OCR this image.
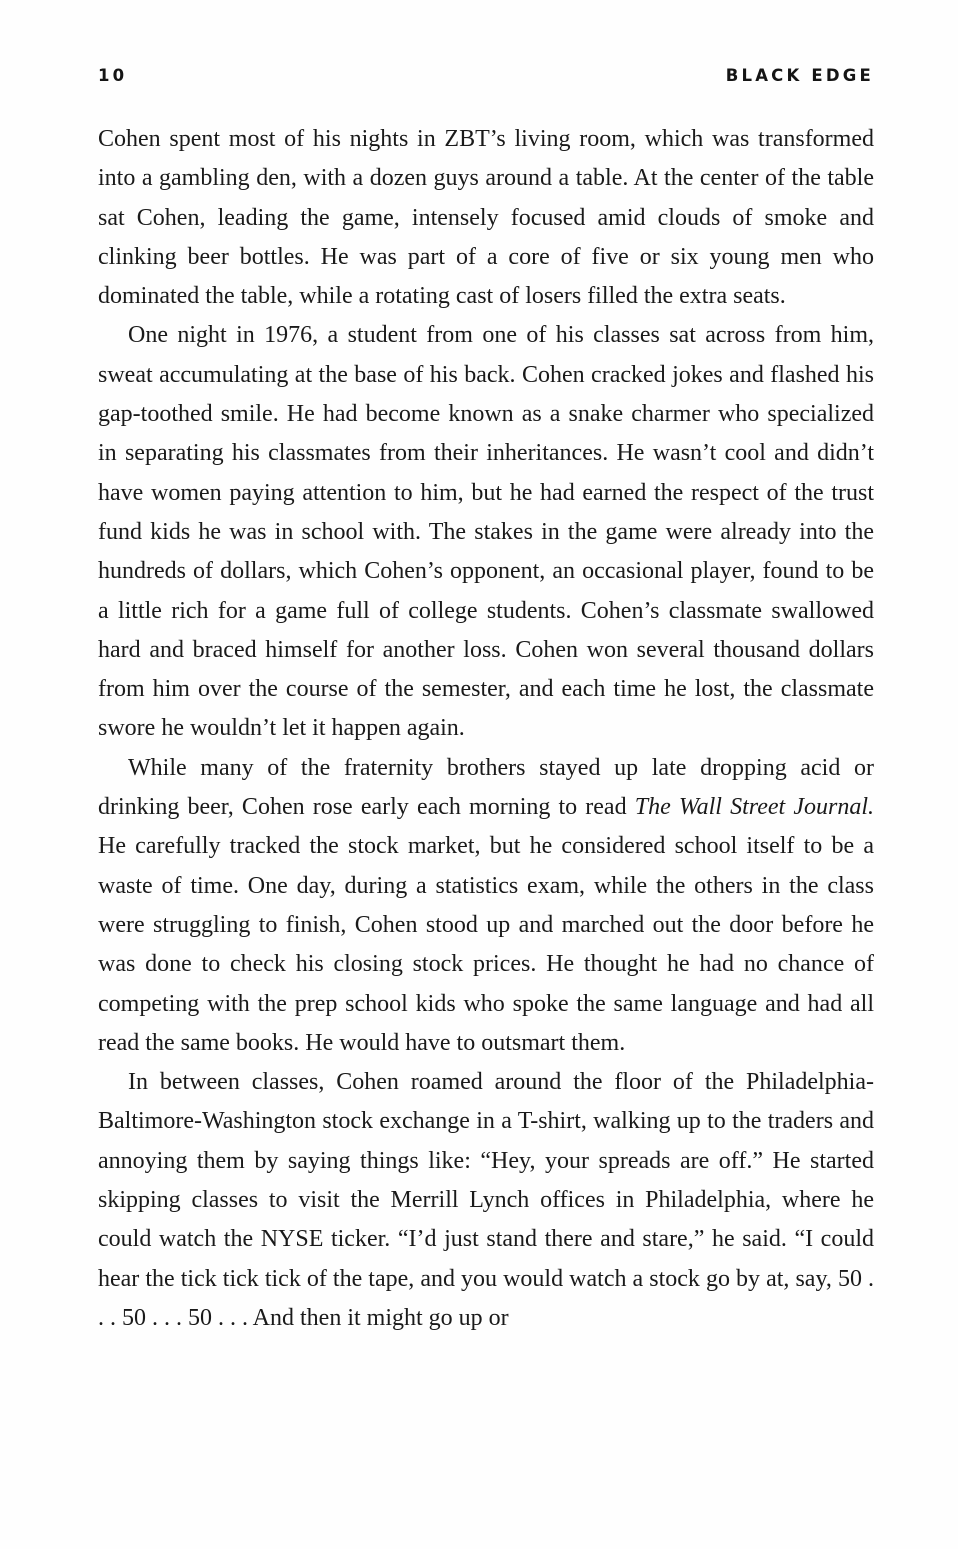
10	BLACK EDGE

Cohen spent most of his nights in ZBT’s living room, which was transformed into a gambling den, with a dozen guys around a table. At the center of the table sat Cohen, leading the game, intensely focused amid clouds of smoke and clinking beer bottles. He was part of a core of five or six young men who dominated the table, while a rotating cast of losers filled the extra seats.

One night in 1976, a student from one of his classes sat across from him, sweat accumulating at the base of his back. Cohen cracked jokes and flashed his gap-toothed smile. He had become known as a snake charmer who specialized in separating his classmates from their inheritances. He wasn’t cool and didn’t have women paying attention to him, but he had earned the respect of the trust fund kids he was in school with. The stakes in the game were already into the hundreds of dollars, which Cohen’s opponent, an occasional player, found to be a little rich for a game full of college students. Cohen’s classmate swallowed hard and braced himself for another loss. Cohen won several thousand dollars from him over the course of the semester, and each time he lost, the classmate swore he wouldn’t let it happen again.

While many of the fraternity brothers stayed up late dropping acid or drinking beer, Cohen rose early each morning to read The Wall Street Journal. He carefully tracked the stock market, but he considered school itself to be a waste of time. One day, during a statistics exam, while the others in the class were struggling to finish, Cohen stood up and marched out the door before he was done to check his closing stock prices. He thought he had no chance of competing with the prep school kids who spoke the same language and had all read the same books. He would have to outsmart them.

In between classes, Cohen roamed around the floor of the Philadelphia-Baltimore-Washington stock exchange in a T-shirt, walking up to the traders and annoying them by saying things like: “Hey, your spreads are off.” He started skipping classes to visit the Merrill Lynch offices in Philadelphia, where he could watch the NYSE ticker. “I’d just stand there and stare,” he said. “I could hear the tick tick tick of the tape, and you would watch a stock go by at, say, 50 . . . 50 . . . 50 . . . And then it might go up or
